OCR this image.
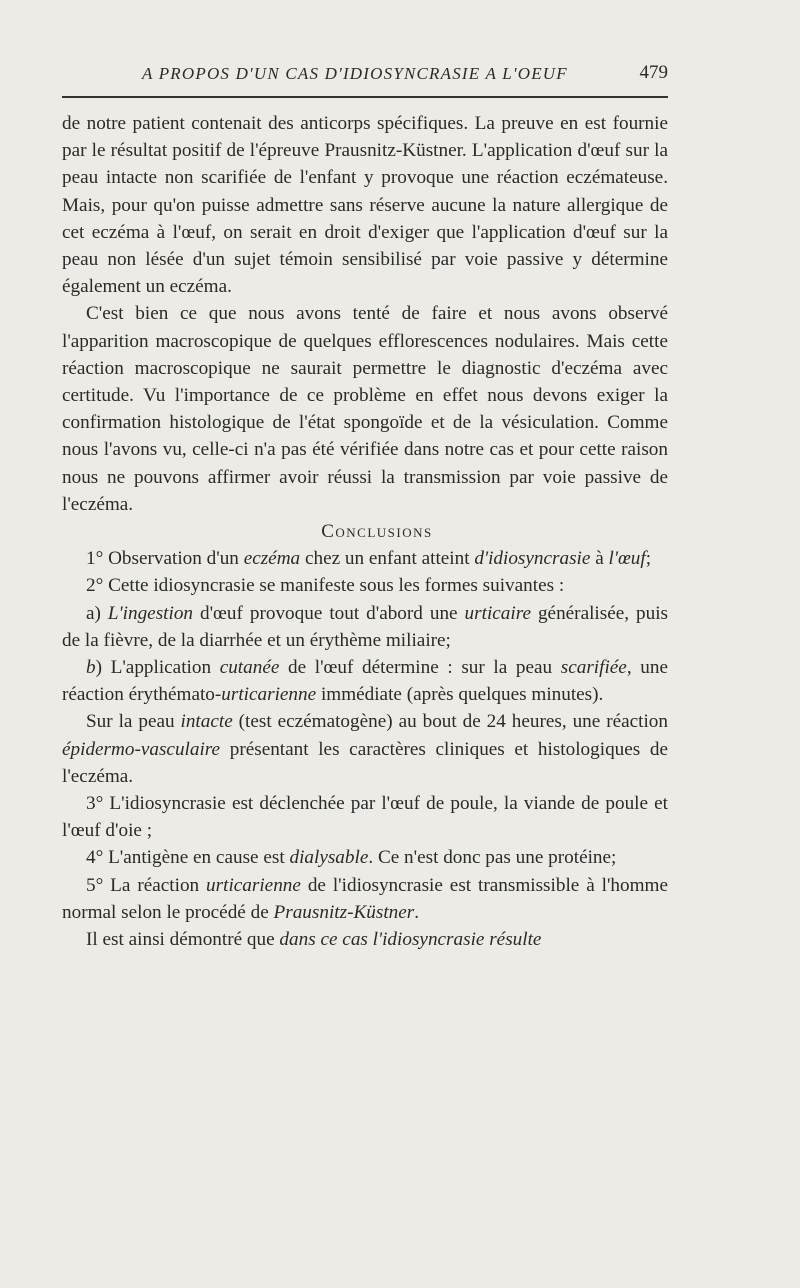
A PROPOS D'UN CAS D'IDIOSYNCRASIE A L'OEUF	479

de notre patient contenait des anticorps spécifiques. La preuve en est fournie par le résultat positif de l'épreuve Prausnitz-Küstner. L'application d'œuf sur la peau intacte non scarifiée de l'enfant y provoque une réaction eczémateuse. Mais, pour qu'on puisse admettre sans réserve aucune la nature allergique de cet eczéma à l'œuf, on serait en droit d'exiger que l'application d'œuf sur la peau non lésée d'un sujet témoin sensibilisé par voie passive y détermine également un eczéma.

C'est bien ce que nous avons tenté de faire et nous avons observé l'apparition macroscopique de quelques efflorescences nodulaires. Mais cette réaction macroscopique ne saurait permettre le diagnostic d'eczéma avec certitude. Vu l'importance de ce problème en effet nous devons exiger la confirmation histologique de l'état spongoïde et de la vésiculation. Comme nous l'avons vu, celle-ci n'a pas été vérifiée dans notre cas et pour cette raison nous ne pouvons affirmer avoir réussi la transmission par voie passive de l'eczéma.

Conclusions

1° Observation d'un eczéma chez un enfant atteint d'idiosyncrasie à l'œuf;

2° Cette idiosyncrasie se manifeste sous les formes suivantes :

a) L'ingestion d'œuf provoque tout d'abord une urticaire généralisée, puis de la fièvre, de la diarrhée et un érythème miliaire;

b) L'application cutanée de l'œuf détermine : sur la peau scarifiée, une réaction érythémato-urticarienne immédiate (après quelques minutes).

Sur la peau intacte (test eczématogène) au bout de 24 heures, une réaction épidermo-vasculaire présentant les caractères cliniques et histologiques de l'eczéma.

3° L'idiosyncrasie est déclenchée par l'œuf de poule, la viande de poule et l'œuf d'oie ;

4° L'antigène en cause est dialysable. Ce n'est donc pas une protéine;

5° La réaction urticarienne de l'idiosyncrasie est transmissible à l'homme normal selon le procédé de Prausnitz-Küstner.

Il est ainsi démontré que dans ce cas l'idiosyncrasie résulte
